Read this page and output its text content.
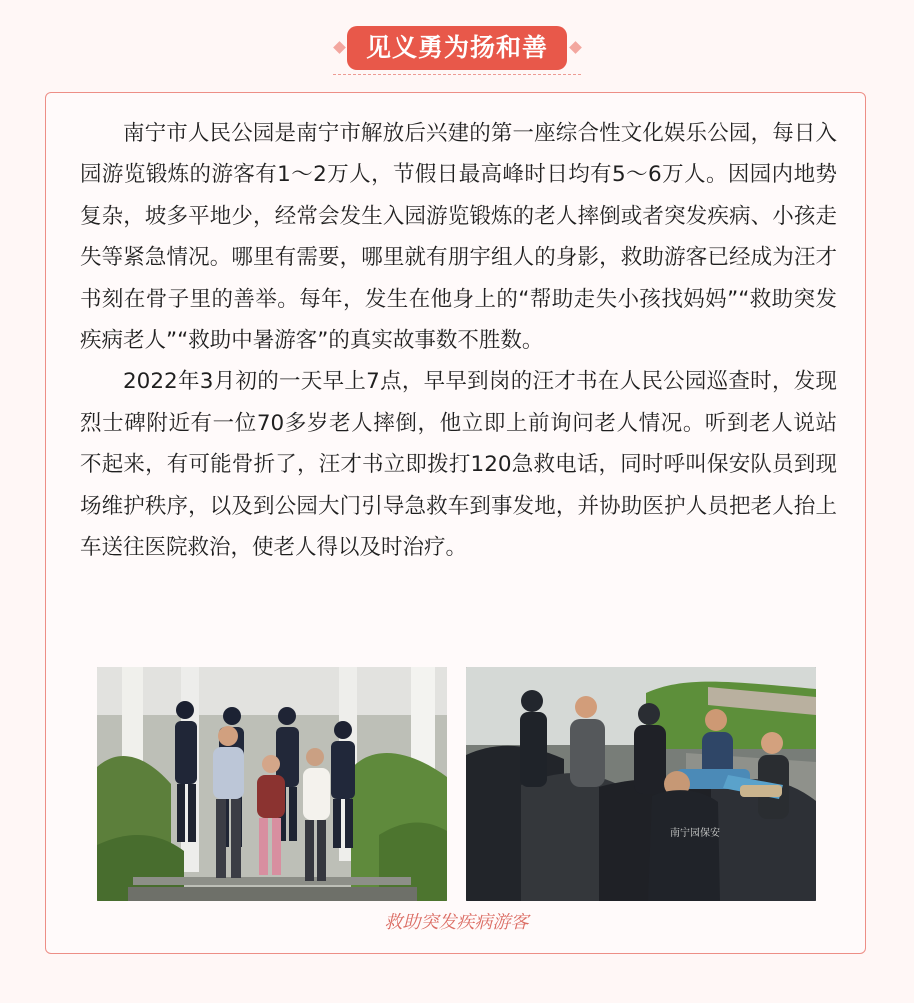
见义勇为扬和善

南宁市人民公园是南宁市解放后兴建的第一座综合性文化娱乐公园，每日入园游览锻炼的游客有1～2万人，节假日最高峰时日均有5～6万人。因园内地势复杂，坡多平地少，经常会发生入园游览锻炼的老人摔倒或者突发疾病、小孩走失等紧急情况。哪里有需要，哪里就有朋宇组人的身影，救助游客已经成为汪才书刻在骨子里的善举。每年，发生在他身上的“帮助走失小孩找妈妈”“救助突发疾病老人”“救助中暑游客”的真实故事数不胜数。

2022年3月初的一天早上7点，早早到岗的汪才书在人民公园巡查时，发现烈士碑附近有一位70多岁老人摔倒，他立即上前询问老人情况。听到老人说站不起来，有可能骨折了，汪才书立即拨打120急救电话，同时呼叫保安队员到现场维护秩序，以及到公园大门引导急救车到事发地，并协助医护人员把老人抬上车送往医院救治，使老人得以及时治疗。

南宁园保安
救助突发疾病游客
